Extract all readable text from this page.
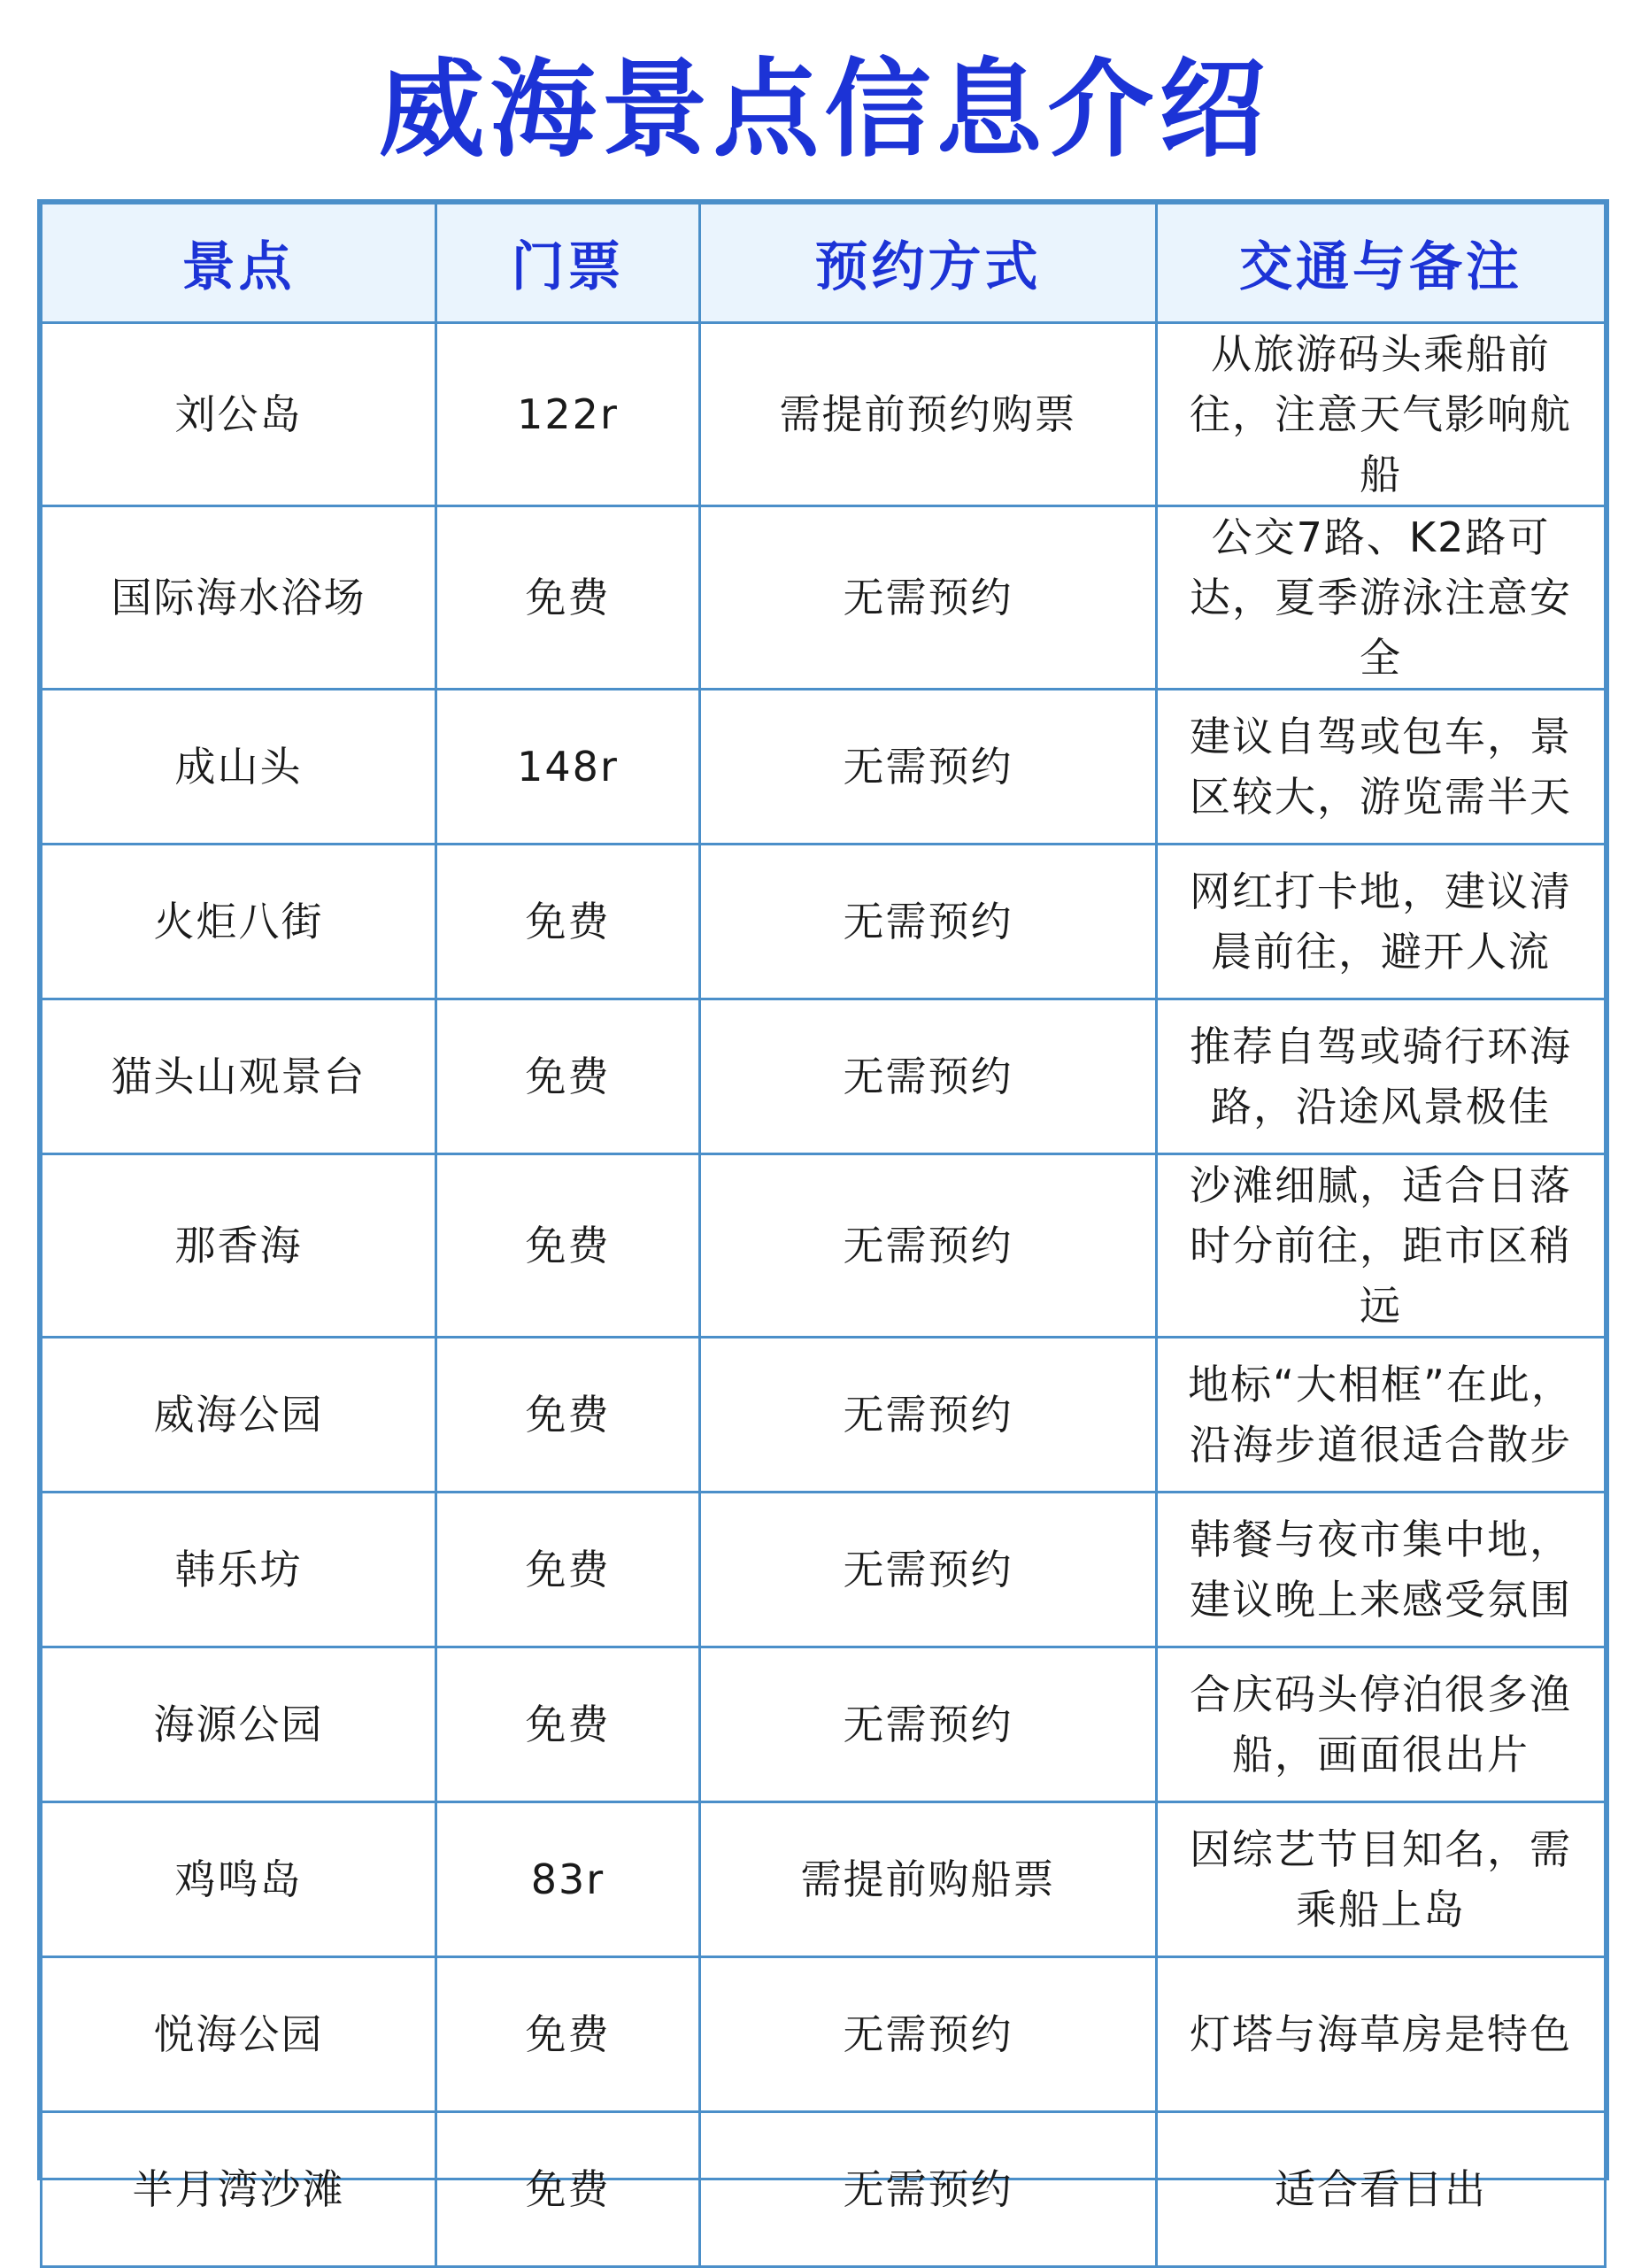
威海景点信息介绍
景点	门票	预约方式	交通与备注
刘公岛	122r	需提前预约购票	从旅游码头乘船前往，注意天气影响航船
国际海水浴场	免费	无需预约	公交7路、K2路可达，夏季游泳注意安全
成山头	148r	无需预约	建议自驾或包车，景区较大，游览需半天
火炬八街	免费	无需预约	网红打卡地，建议清晨前往，避开人流
猫头山观景台	免费	无需预约	推荐自驾或骑行环海路，沿途风景极佳
那香海	免费	无需预约	沙滩细腻，适合日落时分前往，距市区稍远
威海公园	免费	无需预约	地标“大相框”在此，沿海步道很适合散步
韩乐坊	免费	无需预约	韩餐与夜市集中地，建议晚上来感受氛围
海源公园	免费	无需预约	合庆码头停泊很多渔船，画面很出片
鸡鸣岛	83r	需提前购船票	因综艺节目知名，需乘船上岛
悦海公园	免费	无需预约	灯塔与海草房是特色
半月湾沙滩	免费	无需预约	适合看日出
